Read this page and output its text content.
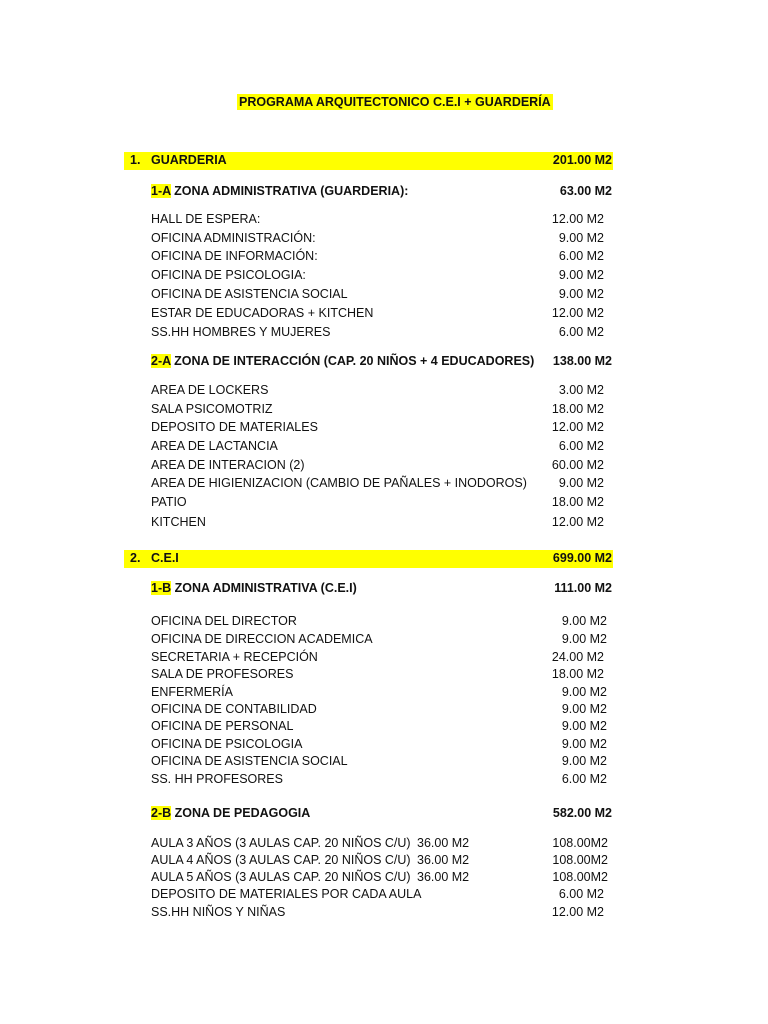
PROGRAMA ARQUITECTONICO C.E.I + GUARDERÍA
1. GUARDERIA	201.00 M2
1-A ZONA ADMINISTRATIVA (GUARDERIA):	63.00 M2
HALL DE ESPERA:	12.00 M2
OFICINA ADMINISTRACIÓN:	9.00 M2
OFICINA DE INFORMACIÓN:	6.00 M2
OFICINA DE PSICOLOGIA:	9.00 M2
OFICINA DE ASISTENCIA SOCIAL	9.00 M2
ESTAR DE EDUCADORAS + KITCHEN	12.00 M2
SS.HH HOMBRES Y MUJERES	6.00 M2
2-A ZONA DE INTERACCIÓN (CAP. 20 NIÑOS + 4 EDUCADORES) 138.00 M2
AREA DE LOCKERS	3.00 M2
SALA PSICOMOTRIZ	18.00 M2
DEPOSITO DE MATERIALES	12.00 M2
AREA DE LACTANCIA	6.00 M2
AREA DE INTERACION (2)	60.00 M2
AREA DE HIGIENIZACION (CAMBIO DE PAÑALES + INODOROS)	9.00 M2
PATIO	18.00 M2
KITCHEN	12.00 M2
2. C.E.I	699.00 M2
1-B ZONA ADMINISTRATIVA (C.E.I)	111.00 M2
OFICINA DEL DIRECTOR	9.00 M2
OFICINA DE DIRECCION ACADEMICA	9.00 M2
SECRETARIA + RECEPCIÓN	24.00 M2
SALA DE PROFESORES	18.00 M2
ENFERMERÍA	9.00 M2
OFICINA DE CONTABILIDAD	9.00 M2
OFICINA DE PERSONAL	9.00 M2
OFICINA DE PSICOLOGIA	9.00 M2
OFICINA DE ASISTENCIA SOCIAL	9.00 M2
SS. HH PROFESORES	6.00 M2
2-B ZONA DE PEDAGOGIA	582.00 M2
AULA 3 AÑOS (3 AULAS CAP. 20 NIÑOS C/U) 36.00 M2	108.00M2
AULA 4 AÑOS (3 AULAS CAP. 20 NIÑOS C/U) 36.00 M2	108.00M2
AULA 5 AÑOS (3 AULAS CAP. 20 NIÑOS C/U) 36.00 M2	108.00M2
DEPOSITO DE MATERIALES POR CADA AULA	6.00 M2
SS.HH NIÑOS Y NIÑAS	12.00 M2
